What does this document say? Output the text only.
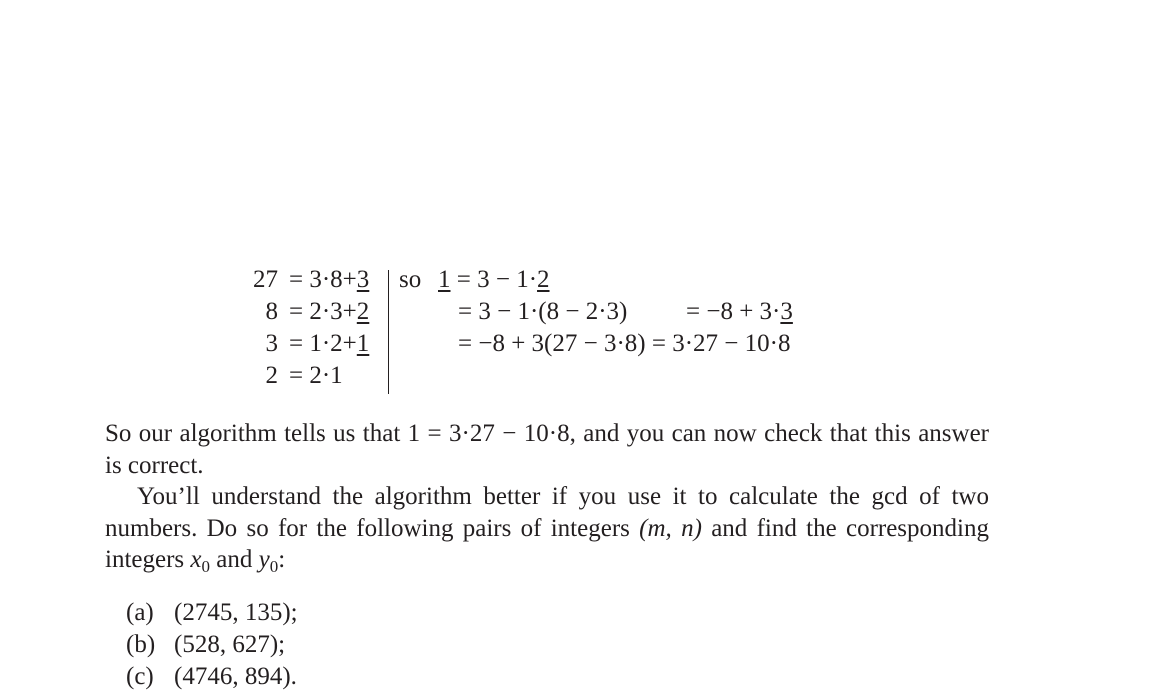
27 = 3·8+3
8 = 2·3+2
3 = 1·2+1
2 = 2·1
so 1 = 3 − 1·2
= 3 − 1·(8 − 2·3) = −8 + 3·3
= −8 + 3(27 − 3·8) = 3·27 − 10·8
So our algorithm tells us that 1 = 3·27 − 10·8, and you can now check that this answer is correct.
You’ll understand the algorithm better if you use it to calculate the gcd of two numbers. Do so for the following pairs of integers (m, n) and find the corresponding integers $x_0$ and $y_0$:
(a) (2745, 135);
(b) (528, 627);
(c) (4746, 894).
